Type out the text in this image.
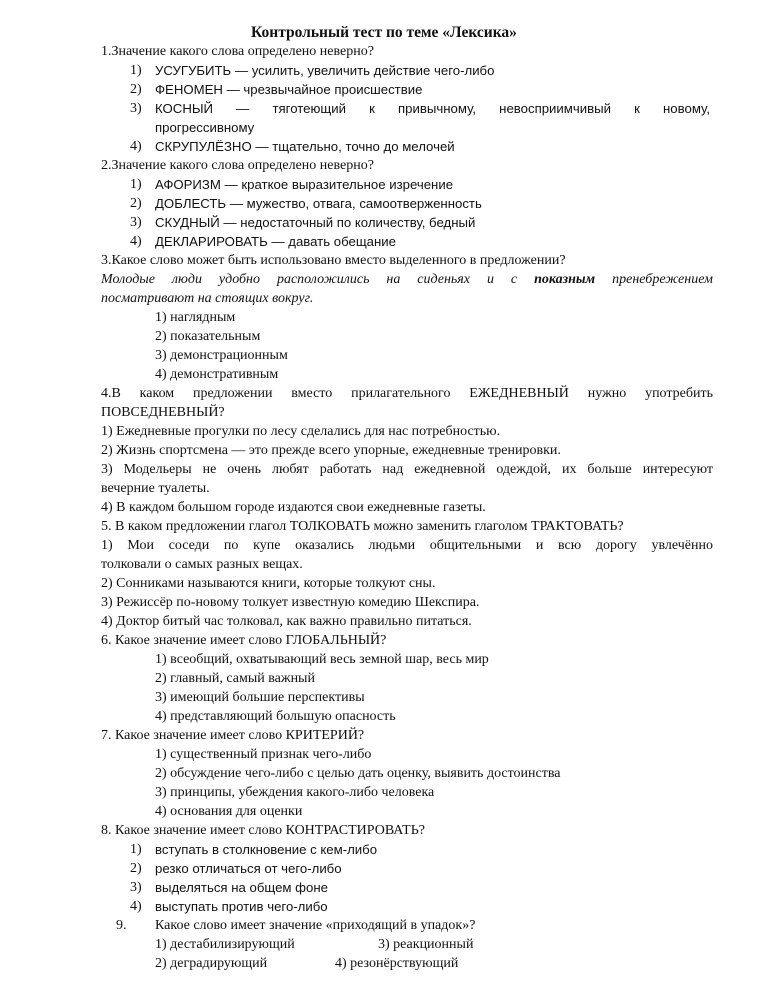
Контрольный тест по теме «Лексика»
1.Значение какого слова определено неверно?
1) УСУГУБИТЬ — усилить, увеличить действие чего-либо
2) ФЕНОМЕН — чрезвычайное происшествие
3) КОСНЫЙ — тяготеющий к привычному, невосприимчивый к новому,
прогрессивному
4) СКРУПУЛЁЗНО — тщательно, точно до мелочей
2.Значение какого слова определено неверно?
1) АФОРИЗМ — краткое выразительное изречение
2) ДОБЛЕСТЬ — мужество, отвага, самоотверженность
3) СКУДНЫЙ — недостаточный по количеству, бедный
4) ДЕКЛАРИРОВАТЬ — давать обещание
3.Какое слово может быть использовано вместо выделенного в предложении?
Молодые люди удобно расположились на сиденьях и с показным пренебрежением
посматривают на стоящих вокруг.
1) наглядным
2) показательным
3) демонстрационным
4) демонстративным
4.В каком предложении вместо прилагательного ЕЖЕДНЕВНЫЙ нужно употребить
ПОВСЕДНЕВНЫЙ?
1) Ежедневные прогулки по лесу сделались для нас потребностью.
2) Жизнь спортсмена — это прежде всего упорные, ежедневные тренировки.
3) Модельеры не очень любят работать над ежедневной одеждой, их больше интересуют
вечерние туалеты.
4) В каждом большом городе издаются свои ежедневные газеты.
5. В каком предложении глагол ТОЛКОВАТЬ можно заменить глаголом ТРАКТОВАТЬ?
1) Мои соседи по купе оказались людьми общительными и всю дорогу увлечённо
толковали о самых разных вещах.
2) Сонниками называются книги, которые толкуют сны.
3) Режиссёр по-новому толкует известную комедию Шекспира.
4) Доктор битый час толковал, как важно правильно питаться.
6. Какое значение имеет слово ГЛОБАЛЬНЫЙ?
1) всеобщий, охватывающий весь земной шар, весь мир
2) главный, самый важный
3) имеющий большие перспективы
4) представляющий большую опасность
7. Какое значение имеет слово КРИТЕРИЙ?
1) существенный признак чего-либо
2) обсуждение чего-либо с целью дать оценку, выявить достоинства
3) принципы, убеждения какого-либо человека
4) основания для оценки
8. Какое значение имеет слово КОНТРАСТИРОВАТЬ?
1) вступать в столкновение с кем-либо
2) резко отличаться от чего-либо
3) выделяться на общем фоне
4) выступать против чего-либо
9. Какое слово имеет значение «приходящий в упадок»?
1) дестабилизирующий	3) реакционный
2) деградирующий	4) резонёрствующий
